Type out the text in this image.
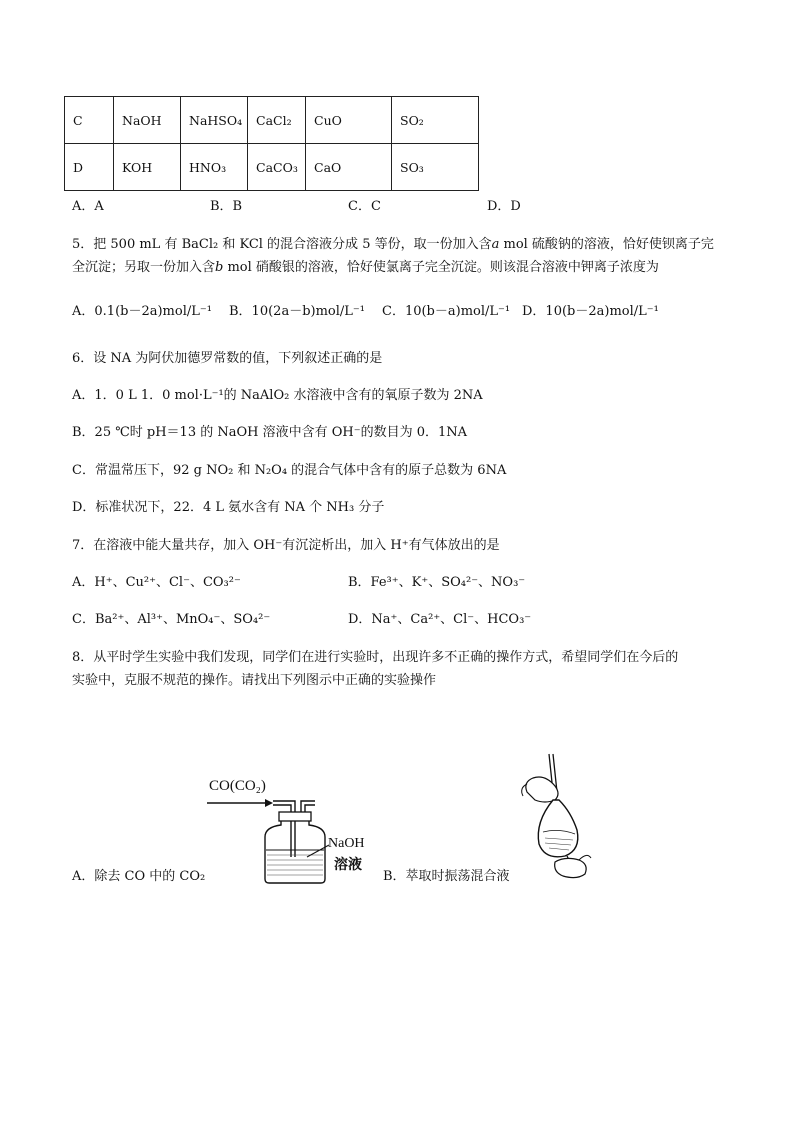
C	NaOH	NaHSO₄	CaCl₂	CuO	SO₂
D	KOH	HNO₃	CaCO₃	CaO	SO₃
A．A	B．B	C．C	D．D
5．把 500 mL 有 BaCl₂ 和 KCl 的混合溶液分成 5 等份，取一份加入含a mol 硫酸钠的溶液，恰好使钡离子完
全沉淀；另取一份加入含b mol 硝酸银的溶液，恰好使氯离子完全沉淀。则该混合溶液中钾离子浓度为
A．0.1(b－2a)mol/L⁻¹ B．10(2a－b)mol/L⁻¹ C．10(b－a)mol/L⁻¹ D．10(b－2a)mol/L⁻¹
6．设 NA 为阿伏加德罗常数的值，下列叙述正确的是
A．1．0 L 1．0 mol·L⁻¹的 NaAlO₂ 水溶液中含有的氧原子数为 2NA
B．25 ℃时 pH＝13 的 NaOH 溶液中含有 OH⁻的数目为 0．1NA
C．常温常压下，92 g NO₂ 和 N₂O₄ 的混合气体中含有的原子总数为 6NA
D．标准状况下，22．4 L 氨水含有 NA 个 NH₃ 分子
7．在溶液中能大量共存，加入 OH⁻有沉淀析出，加入 H⁺有气体放出的是
A．H⁺、Cu²⁺、Cl⁻、CO₃²⁻	B．Fe³⁺、K⁺、SO₄²⁻、NO₃⁻
C．Ba²⁺、Al³⁺、MnO₄⁻、SO₄²⁻	D．Na⁺、Ca²⁺、Cl⁻、HCO₃⁻
8．从平时学生实验中我们发现，同学们在进行实验时，出现许多不正确的操作方式，希望同学们在今后的
实验中，克服不规范的操作。请找出下列图示中正确的实验操作
A．除去 CO 中的 CO₂
CO(CO₂)
NaOH
溶液
B．萃取时振荡混合液
